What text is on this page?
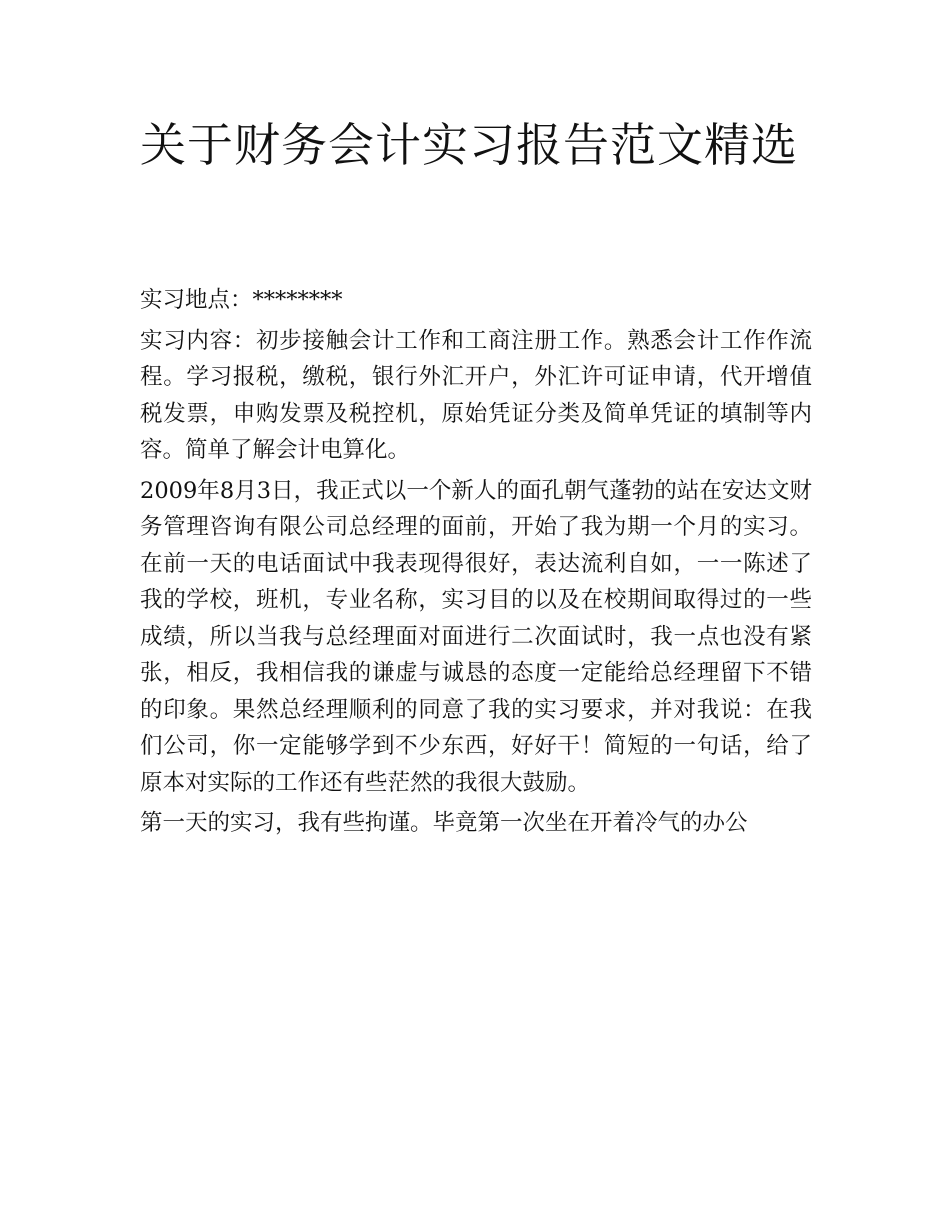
关于财务会计实习报告范文精选

实习地点：********

实习内容：初步接触会计工作和工商注册工作。熟悉会计工作作流程。学习报税，缴税，银行外汇开户，外汇许可证申请，代开增值税发票，申购发票及税控机，原始凭证分类及简单凭证的填制等内容。简单了解会计电算化。

2009年8月3日，我正式以一个新人的面孔朝气蓬勃的站在安达文财务管理咨询有限公司总经理的面前，开始了我为期一个月的实习。在前一天的电话面试中我表现得很好，表达流利自如，一一陈述了我的学校，班机，专业名称，实习目的以及在校期间取得过的一些成绩，所以当我与总经理面对面进行二次面试时，我一点也没有紧张，相反，我相信我的谦虚与诚恳的态度一定能给总经理留下不错的印象。果然总经理顺利的同意了我的实习要求，并对我说：在我们公司，你一定能够学到不少东西，好好干！简短的一句话，给了原本对实际的工作还有些茫然的我很大鼓励。

第一天的实习，我有些拘谨。毕竟第一次坐在开着冷气的办公
